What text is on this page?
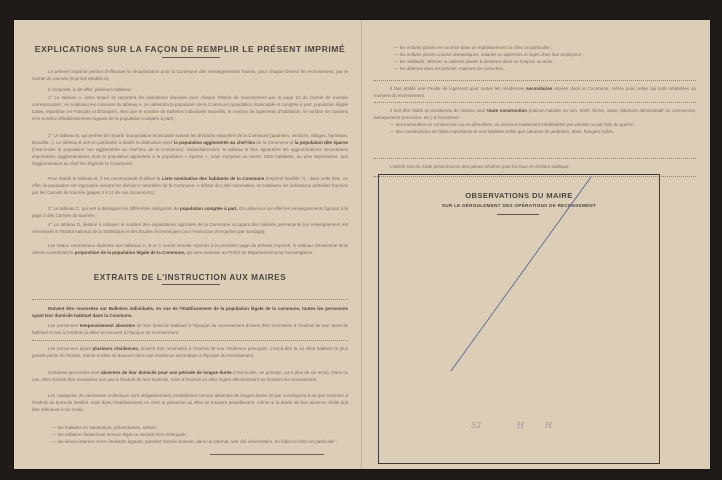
EXPLICATIONS SUR LA FAÇON DE REMPLIR LE PRÉSENT IMPRIMÉ
Le présent imprimé permet d'effectuer la récapitulation pour la Commune des renseignements fournis, pour chaque District de recensement, par le Carnet de tournée (imprimé Modèle 5).
Il comporte, à cet effet, plusieurs tableaux :
1° Le tableau A, dans lequel on reportera les indications données pour chaque District de recensement par la page 12 du Carnet de tournée correspondant ; en totalisant les colonnes du tableau A, on obtiendra la population de la Commune (population municipale et comptée à part, population légale totale, répartition en Français et Étrangers, ainsi que le nombre de Bulletins individuels recueillis, le nombre de logements d'habitation, le nombre de maisons et le nombre d'établissements logeant de la population comptée à part) ;
2° Le tableau B, qui permet de répartir la population municipale suivant les divisions naturelles de la Commune (quartiers, sections, villages, hameaux, lieuxdits...). Le tableau B sert en particulier à établir la distinction entre la population agglomérée au chef-lieu de la Commune et la population dite éparse (c'est-à-dire la population non agglomérée au chef-lieu de la Commune). Subsidiairement, le tableau B fera apparaître les agglomérations secondaires importantes (agglomérations dont la population appartient à la population « éparse », mais comptant au moins 1000 habitants, au plus importantes, que l'agglomération du chef-lieu légal de la Commune).
Pour établir le tableau B, il est recommandé d'utiliser la Liste nominative des habitants de la Commune (imprimé Modèle 7) ; dans cette liste, en effet, la population est regroupée suivant les divisions naturelles de la Commune. A défaut de Liste nominative, on totalisera les indications partielles fournies par les Carnets de tournée (pages 3 à 11 de ces documents) ;
3° Le tableau C, qui sert à distinguer les différentes catégories de population comptée à part. On utilisera à cet effet les renseignements figurant à la page 2 des Carnets de tournée ;
4° Le tableau D, destiné à indiquer le nombre des exploitations agricoles de la Commune occupant des salariés permanents (ce renseignement est nécessaire à l'Institut national de la Statistique et des Études économiques pour l'exécution d'enquêtes par sondage).
Les totaux communaux élaborés aux tableaux A, B et C seront ensuite reportés à la première page du présent imprimé, le tableau d'ensemble ainsi obtenu constituant la proposition de la population légale de la Commune, qui sera soumise au Préfet du Département pour homologation.
EXTRAITS DE L'INSTRUCTION AUX MAIRES
Doivent être recensées sur Bulletins individuels, en vue de l'établissement de la population légale de la commune, toutes les personnes ayant leur domicile habituel dans la Commune.
Les personnes temporairement absentes de leur domicile habituel à l'époque du recensement doivent être recensées à l'endroit de leur domicile habituel et non à l'endroit où elles se trouvent à l'époque du recensement.
Les personnes ayant plusieurs résidences, doivent être recensées à l'endroit de leur résidence principale, c'est-à-dire là où elles habitent la plus grande partie de l'année, même si elles se trouvent dans une résidence secondaire à l'époque du recensement.
Certaines personnes sont absentes de leur domicile pour une période de longue durée (c'est-à-dire, en principe, pour plus de six mois). Dans ce cas, elles doivent être recensées non pas à l'endroit de leur domicile, mais à l'endroit où elles logent effectivement au moment du recensement.
Les catégories de personnes ci-dessous sont obligatoirement considérées comme absentes de longue durée (et par conséquent à ne pas recenser à l'endroit du domicile familial, mais dans l'établissement ou chez la personne où elles se trouvent actuellement, même si la durée de leur absence réelle doit être inférieure à six mois) :
— les malades en sanatorium, préventorium, asilum ;
— les militaires faisant leur service légal ou servant hors métropole ;
— les élèves internes et les étudiants logeant, pendant l'année scolaire, dans un internat, une cité universitaire, en hôtel ou chez un particulier ;
— les enfants placés en nourrice dans un établissement ou chez un particulier ;
— les enfants placés comme domestiques, salariés ou apprentis et logés chez leur employeur ;
— les vieillards, infirmes ou aliénés placés à demeure dans un hospice ou asile ;
— les détenus dans les prisons, maisons de correction...
Il faut établir une Feuille de logement pour toutes les résidences secondaires situées dans la Commune, même pour celles qui sont inhabitées au moment du recensement.
Il doit être établi un Bordereau de maison pour toute construction (maison habitée ou non, hôtel, ferme, usine, bâtiment administratif ou commercial, baraquement provisoire, etc.) à l'exception :
— des immeubles en construction ou en démolition, ou devenus totalement inhabitables par vétusté ou par faits de guerre ;
— des constructions de faible importance et non habitées telles que cabanes de jardiniers, abris, hangars isolés.
L'article 162 du Code pénal énonce des peines sévères pour les faux en écriture publique.
OBSERVATIONS DU MAIRE
SUR LE DÉROULEMENT DES OPÉRATIONS DE RECENSEMENT
52	H	H
